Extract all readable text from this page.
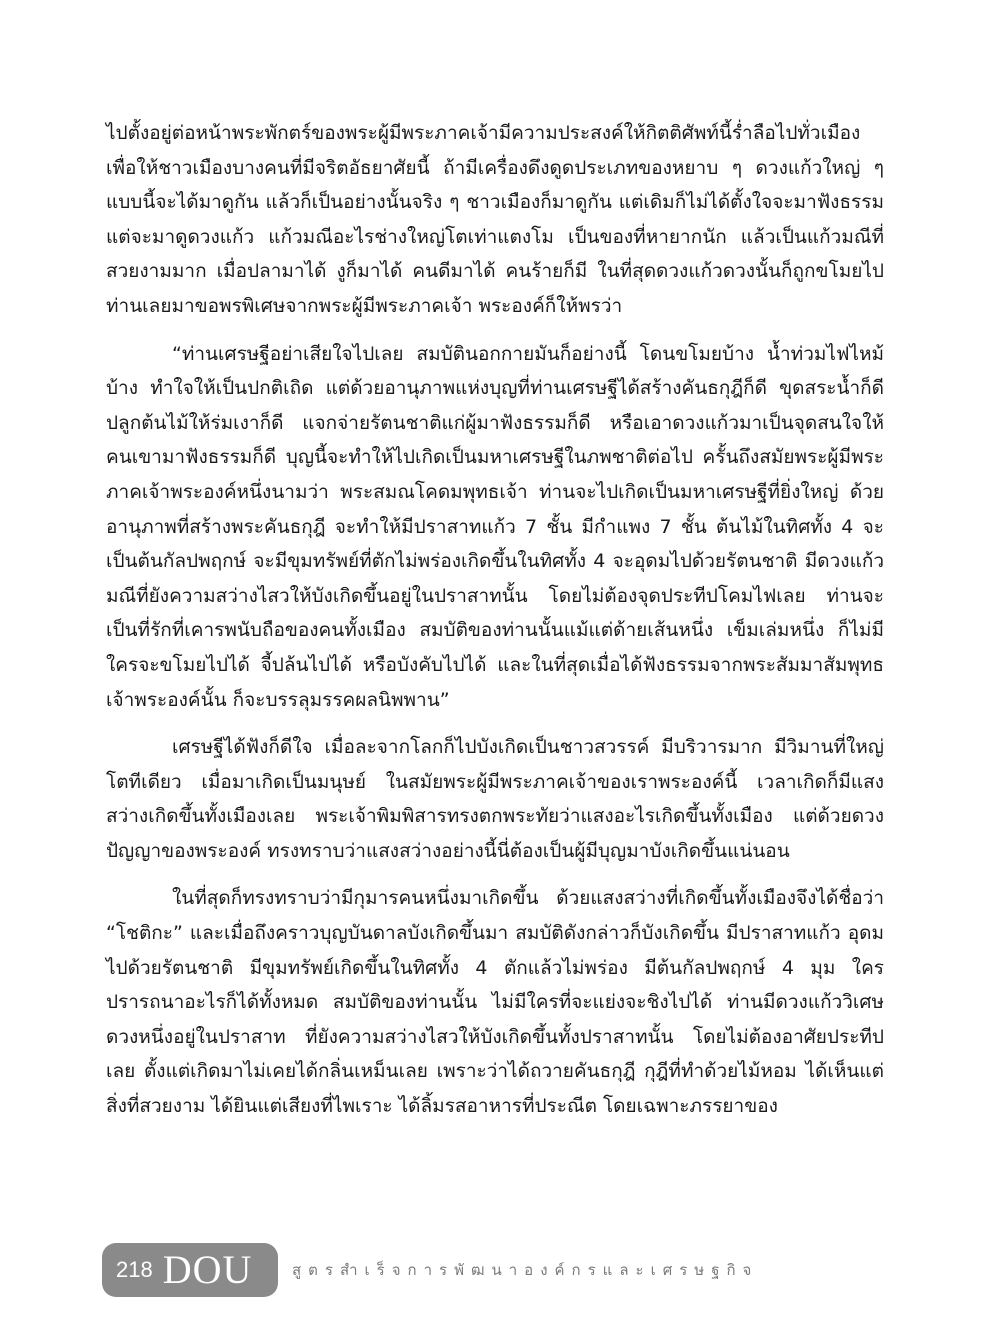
ไปตั้งอยู่ต่อหน้าพระพักตร์ของพระผู้มีพระภาคเจ้ามีความประสงค์ให้กิตติศัพท์นี้ร่ำลือไปทั่วเมือง เพื่อให้ชาวเมืองบางคนที่มีจริตอัธยาศัยนี้ ถ้ามีเครื่องดึงดูดประเภทของหยาบ ๆ ดวงแก้วใหญ่ ๆ แบบนี้จะได้มาดูกัน แล้วก็เป็นอย่างนั้นจริง ๆ ชาวเมืองก็มาดูกัน แต่เดิมก็ไม่ได้ตั้งใจจะมาฟังธรรม แต่จะมาดูดวงแก้ว แก้วมณีอะไรช่างใหญ่โตเท่าแตงโม เป็นของที่หายากนัก แล้วเป็นแก้วมณีที่สวยงามมาก เมื่อปลามาได้ งูก็มาได้ คนดีมาได้ คนร้ายก็มี ในที่สุดดวงแก้วดวงนั้นก็ถูกขโมยไป ท่านเลยมาขอพรพิเศษจากพระผู้มีพระภาคเจ้า พระองค์ก็ให้พรว่า

“ท่านเศรษฐีอย่าเสียใจไปเลย สมบัตินอกกายมันก็อย่างนี้ โดนขโมยบ้าง น้ำท่วมไฟไหม้บ้าง ทำใจให้เป็นปกติเถิด แต่ด้วยอานุภาพแห่งบุญที่ท่านเศรษฐีได้สร้างคันธกุฎีก็ดี ขุดสระน้ำก็ดี ปลูกต้นไม้ให้ร่มเงาก็ดี แจกจ่ายรัตนชาติแก่ผู้มาฟังธรรมก็ดี หรือเอาดวงแก้วมาเป็นจุดสนใจให้คนเขามาฟังธรรมก็ดี บุญนี้จะทำให้ไปเกิดเป็นมหาเศรษฐีในภพชาติต่อไป ครั้นถึงสมัยพระผู้มีพระภาคเจ้าพระองค์หนึ่งนามว่า พระสมณโคดมพุทธเจ้า ท่านจะไปเกิดเป็นมหาเศรษฐีที่ยิ่งใหญ่ ด้วยอานุภาพที่สร้างพระคันธกุฎี จะทำให้มีปราสาทแก้ว 7 ชั้น มีกำแพง 7 ชั้น ต้นไม้ในทิศทั้ง 4 จะเป็นต้นกัลปพฤกษ์ จะมีขุมทรัพย์ที่ตักไม่พร่องเกิดขึ้นในทิศทั้ง 4 จะอุดมไปด้วยรัตนชาติ มีดวงแก้วมณีที่ยังความสว่างไสวให้บังเกิดขึ้นอยู่ในปราสาทนั้น โดยไม่ต้องจุดประทีปโคมไฟเลย ท่านจะเป็นที่รักที่เคารพนับถือของคนทั้งเมือง สมบัติของท่านนั้นแม้แต่ด้ายเส้นหนึ่ง เข็มเล่มหนึ่ง ก็ไม่มีใครจะขโมยไปได้ จี้ปล้นไปได้ หรือบังคับไปได้ และในที่สุดเมื่อได้ฟังธรรมจากพระสัมมาสัมพุทธเจ้าพระองค์นั้น ก็จะบรรลุมรรคผลนิพพาน”

เศรษฐีได้ฟังก็ดีใจ เมื่อละจากโลกก็ไปบังเกิดเป็นชาวสวรรค์ มีบริวารมาก มีวิมานที่ใหญ่โตทีเดียว เมื่อมาเกิดเป็นมนุษย์ ในสมัยพระผู้มีพระภาคเจ้าของเราพระองค์นี้ เวลาเกิดก็มีแสงสว่างเกิดขึ้นทั้งเมืองเลย พระเจ้าพิมพิสารทรงตกพระทัยว่าแสงอะไรเกิดขึ้นทั้งเมือง แต่ด้วยดวงปัญญาของพระองค์ ทรงทราบว่าแสงสว่างอย่างนี้นี่ต้องเป็นผู้มีบุญมาบังเกิดขึ้นแน่นอน

ในที่สุดก็ทรงทราบว่ามีกุมารคนหนึ่งมาเกิดขึ้น ด้วยแสงสว่างที่เกิดขึ้นทั้งเมืองจึงได้ชื่อว่า “โชติกะ” และเมื่อถึงคราวบุญบันดาลบังเกิดขึ้นมา สมบัติดังกล่าวก็บังเกิดขึ้น มีปราสาทแก้ว อุดมไปด้วยรัตนชาติ มีขุมทรัพย์เกิดขึ้นในทิศทั้ง 4 ตักแล้วไม่พร่อง มีต้นกัลปพฤกษ์ 4 มุม ใครปรารถนาอะไรก็ได้ทั้งหมด สมบัติของท่านนั้น ไม่มีใครที่จะแย่งจะชิงไปได้ ท่านมีดวงแก้ววิเศษดวงหนึ่งอยู่ในปราสาท ที่ยังความสว่างไสวให้บังเกิดขึ้นทั้งปราสาทนั้น โดยไม่ต้องอาศัยประทีปเลย ตั้งแต่เกิดมาไม่เคยได้กลิ่นเหม็นเลย เพราะว่าได้ถวายคันธกุฎี กุฎีที่ทำด้วยไม้หอม ได้เห็นแต่สิ่งที่สวยงาม ได้ยินแต่เสียงที่ไพเราะ ได้ลิ้มรสอาหารที่ประณีต โดยเฉพาะภรรยาของ

218 DOU	สูตรสำเร็จการพัฒนาองค์กรและเศรษฐกิจ
